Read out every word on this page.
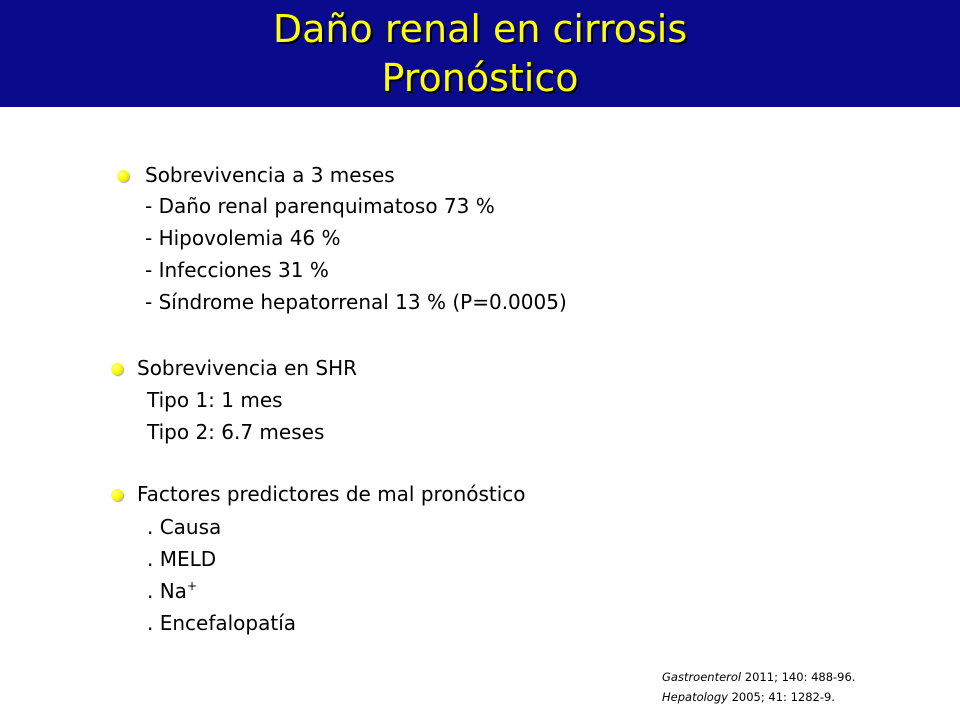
Daño renal en cirrosis
Pronóstico
Sobrevivencia a 3 meses
- Daño renal parenquimatoso 73 %
- Hipovolemia 46 %
- Infecciones 31 %
- Síndrome hepatorrenal 13 % (P=0.0005)
Sobrevivencia en SHR
Tipo 1: 1 mes
Tipo 2: 6.7 meses
Factores predictores de mal pronóstico
. Causa
. MELD
. Na+
. Encefalopatía
Gastroenterol 2011; 140: 488-96.
Hepatology 2005; 41: 1282-9.
